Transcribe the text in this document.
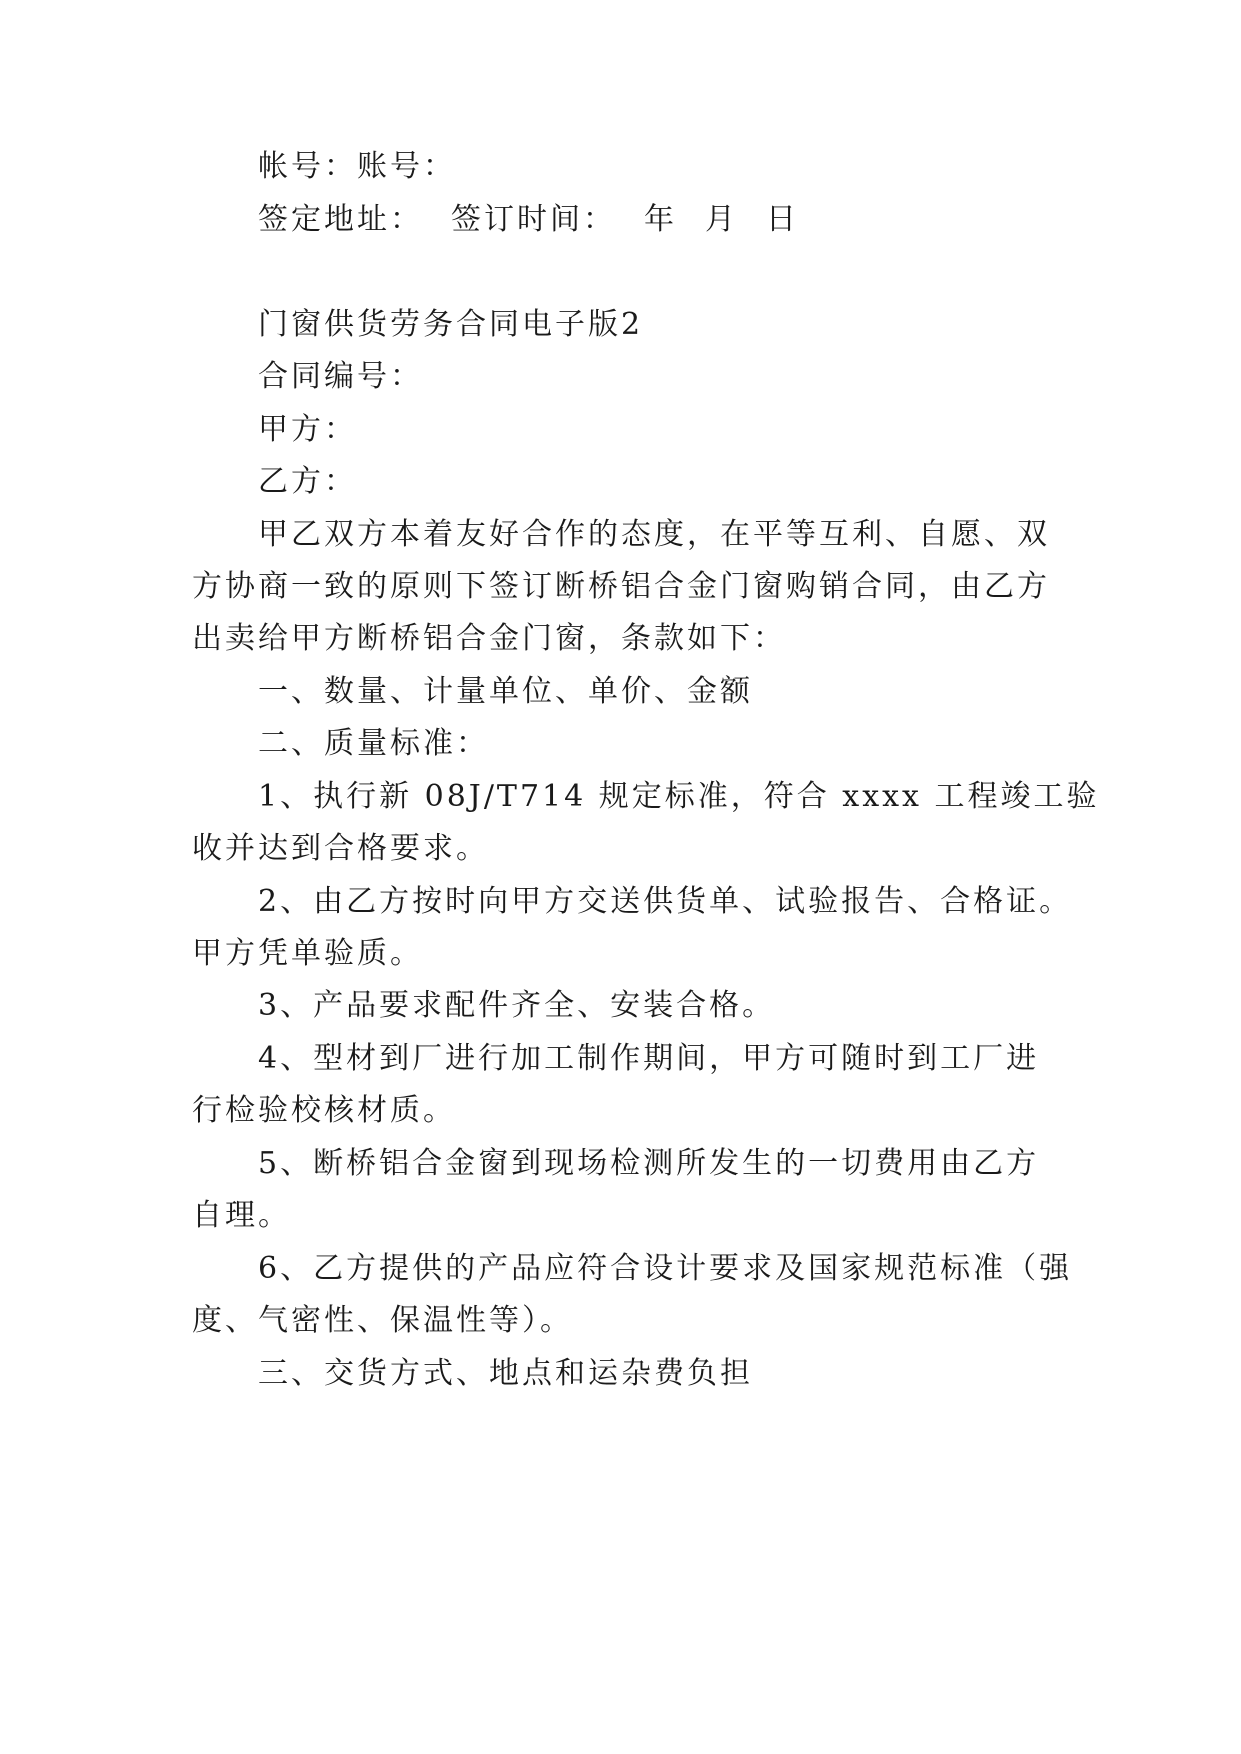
帐号：账号：
签定地址： 签订时间： 年 月 日
门窗供货劳务合同电子版2
合同编号：
甲方：
乙方：
甲乙双方本着友好合作的态度，在平等互利、自愿、双
方协商一致的原则下签订断桥铝合金门窗购销合同，由乙方
出卖给甲方断桥铝合金门窗，条款如下：
一、数量、计量单位、单价、金额
二、质量标准：
1、执行新 08J/T714 规定标准，符合 xxxx 工程竣工验
收并达到合格要求。
2、由乙方按时向甲方交送供货单、试验报告、合格证。
甲方凭单验质。
3、产品要求配件齐全、安装合格。
4、型材到厂进行加工制作期间，甲方可随时到工厂进
行检验校核材质。
5、断桥铝合金窗到现场检测所发生的一切费用由乙方
自理。
6、乙方提供的产品应符合设计要求及国家规范标准（强
度、气密性、保温性等）。
三、交货方式、地点和运杂费负担
